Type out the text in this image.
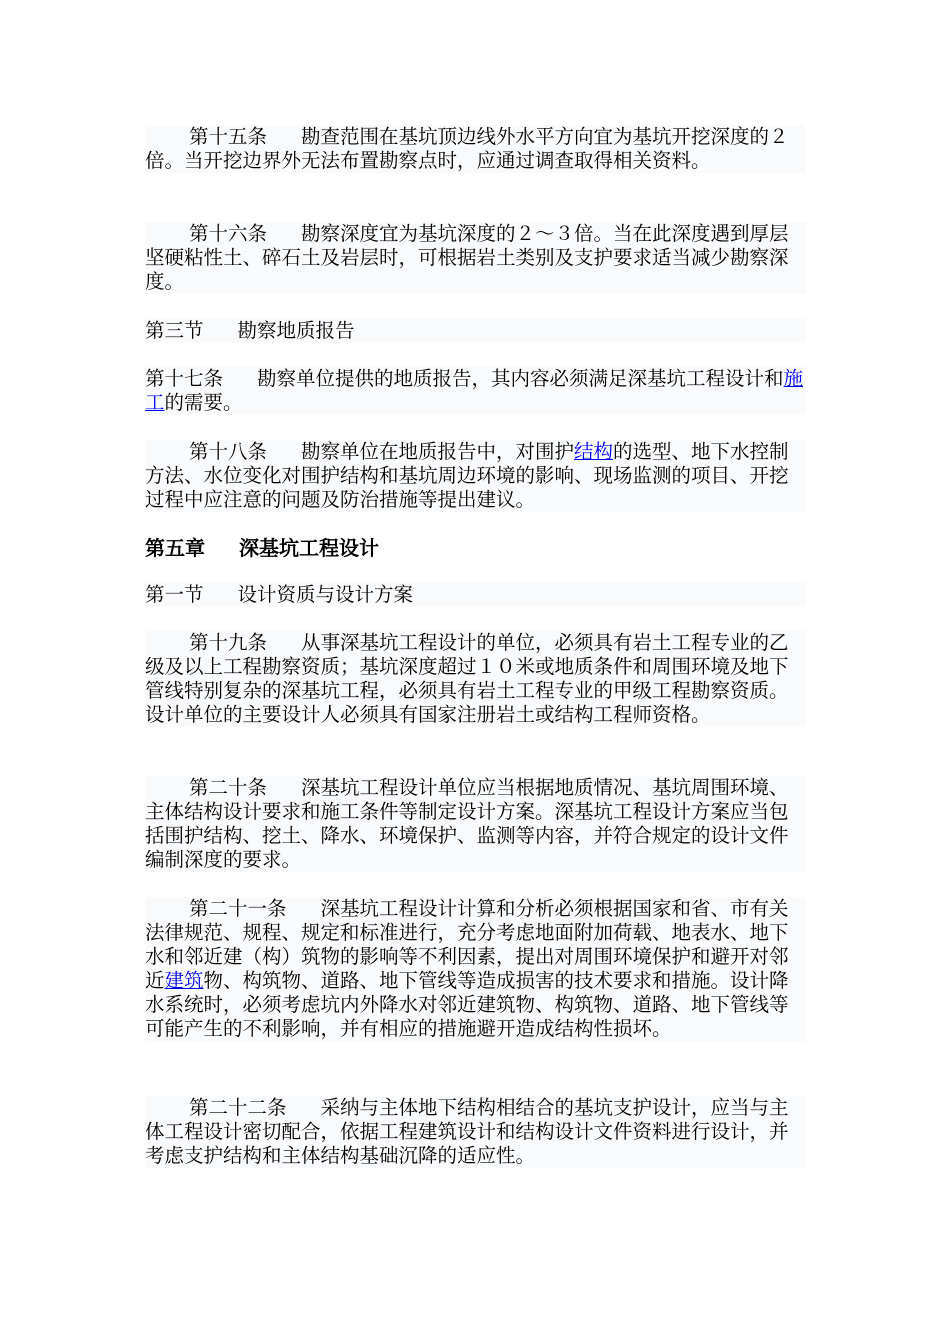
第十五条 勘查范围在基坑顶边线外水平方向宜为基坑开挖深度的２倍。当开挖边界外无法布置勘察点时，应通过调查取得相关资料。

第十六条 勘察深度宜为基坑深度的２～３倍。当在此深度遇到厚层坚硬粘性土、碎石土及岩层时，可根据岩土类别及支护要求适当减少勘察深度。

第三节 勘察地质报告

第十七条 勘察单位提供的地质报告，其内容必须满足深基坑工程设计和施工的需要。

第十八条 勘察单位在地质报告中，对围护结构的选型、地下水控制方法、水位变化对围护结构和基坑周边环境的影响、现场监测的项目、开挖过程中应注意的问题及防治措施等提出建议。

第五章 深基坑工程设计

第一节 设计资质与设计方案

第十九条 从事深基坑工程设计的单位，必须具有岩土工程专业的乙级及以上工程勘察资质；基坑深度超过１０米或地质条件和周围环境及地下管线特别复杂的深基坑工程，必须具有岩土工程专业的甲级工程勘察资质。设计单位的主要设计人必须具有国家注册岩土或结构工程师资格。

第二十条 深基坑工程设计单位应当根据地质情况、基坑周围环境、主体结构设计要求和施工条件等制定设计方案。深基坑工程设计方案应当包括围护结构、挖土、降水、环境保护、监测等内容，并符合规定的设计文件编制深度的要求。

第二十一条 深基坑工程设计计算和分析必须根据国家和省、市有关法律规范、规程、规定和标准进行，充分考虑地面附加荷载、地表水、地下水和邻近建（构）筑物的影响等不利因素，提出对周围环境保护和避开对邻近建筑物、构筑物、道路、地下管线等造成损害的技术要求和措施。设计降水系统时，必须考虑坑内外降水对邻近建筑物、构筑物、道路、地下管线等可能产生的不利影响，并有相应的措施避开造成结构性损坏。

第二十二条 采纳与主体地下结构相结合的基坑支护设计，应当与主体工程设计密切配合，依据工程建筑设计和结构设计文件资料进行设计，并考虑支护结构和主体结构基础沉降的适应性。
